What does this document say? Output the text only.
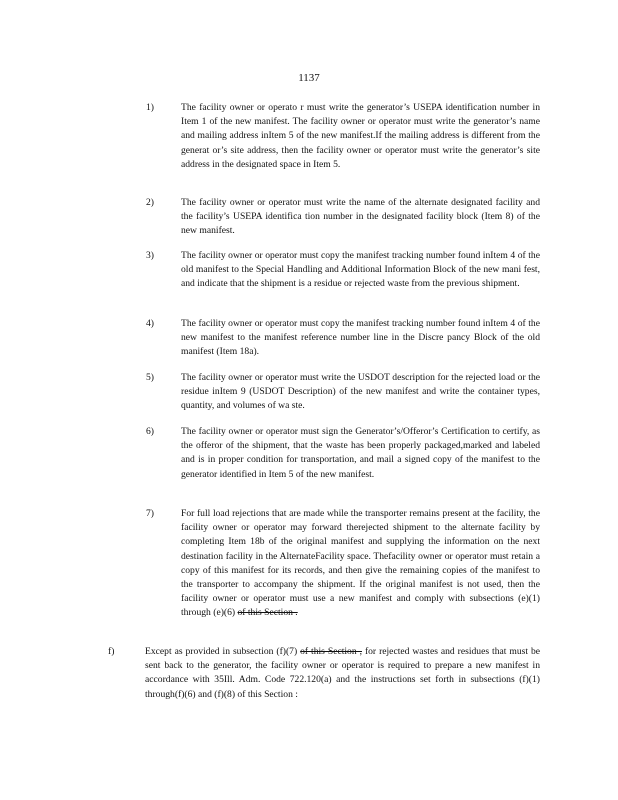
1137
1)	The facility owner or operato r must write the generator’s USEPA identification number in Item 1 of the new manifest. The facility owner or operator must write the generator’s name and mailing address inItem 5 of the new manifest.If the mailing address is different from the generat or’s site address, then the facility owner or operator must write the generator’s site address in the designated space in Item 5.
2)	The facility owner or operator must write the name of the alternate designated facility and the facility’s USEPA identifica tion number in the designated facility block (Item 8) of the new manifest.
3)	The facility owner or operator must copy the manifest tracking number found inItem 4 of the old manifest to the Special Handling and Additional Information Block of the new mani fest, and indicate that the shipment is a residue or rejected waste from the previous shipment.
4)	The facility owner or operator must copy the manifest tracking number found inItem 4 of the new manifest to the manifest reference number line in the Discre pancy Block of the old manifest (Item 18a).
5)	The facility owner or operator must write the USDOT description for the rejected load or the residue inItem 9 (USDOT Description) of the new manifest and write the container types, quantity, and volumes of wa ste.
6)	The facility owner or operator must sign the Generator’s/Offeror’s Certification to certify, as the offeror of the shipment, that the waste has been properly packaged,marked and labeled and is in proper condition for transportation, and mail a signed copy of the manifest to the generator identified in Item 5 of the new manifest.
7)	For full load rejections that are made while the transporter remains present at the facility, the facility owner or operator may forward therejected shipment to the alternate facility by completing Item 18b of the original manifest and supplying the information on the next destination facility in the AlternateFacility space. Thefacility owner or operator must retain a copy of this manifest for its records, and then give the remaining copies of the manifest to the transporter to accompany the shipment. If the original manifest is not used, then the facility owner or operator must use a new manifest and comply with subsections (e)(1) through (e)(6) of this Section .
f)	Except as provided in subsection (f)(7) of this Section , for rejected wastes and residues that must be sent back to the generator, the facility owner or operator is required to prepare a new manifest in accordance with 35Ill. Adm. Code 722.120(a) and the instructions set forth in subsections (f)(1) through(f)(6) and (f)(8) of this Section :
